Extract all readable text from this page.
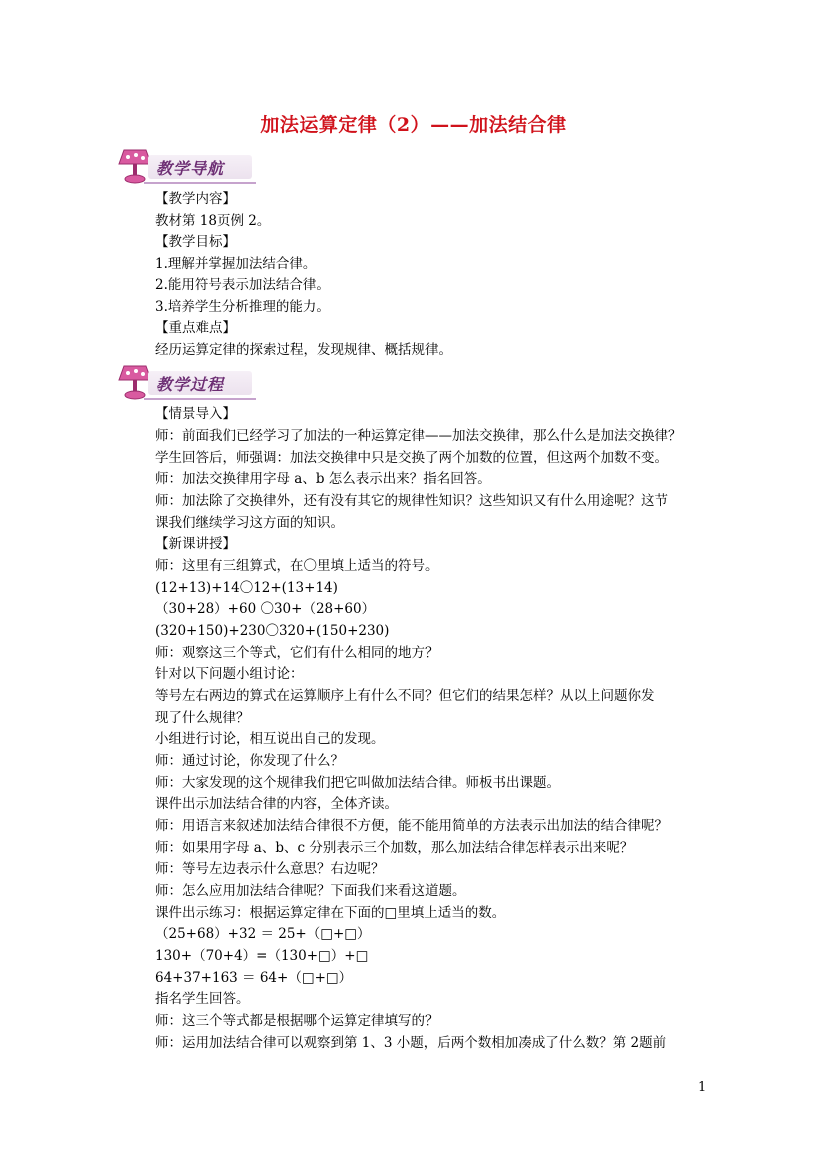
加法运算定律（2）——加法结合律
教学导航
【教学内容】
教材第 18页例 2。
【教学目标】
1.理解并掌握加法结合律。
2.能用符号表示加法结合律。
3.培养学生分析推理的能力。
【重点难点】
经历运算定律的探索过程，发现规律、概括规律。
教学过程
【情景导入】
师：前面我们已经学习了加法的一种运算定律——加法交换律，那么什么是加法交换律？
学生回答后，师强调：加法交换律中只是交换了两个加数的位置，但这两个加数不变。
师：加法交换律用字母 a、b 怎么表示出来？指名回答。
师：加法除了交换律外，还有没有其它的规律性知识？这些知识又有什么用途呢？这节
课我们继续学习这方面的知识。
【新课讲授】
师：这里有三组算式，在〇里填上适当的符号。
(12+13)+14〇12+(13+14)
（30+28）+60 〇30+（28+60）
(320+150)+230〇320+(150+230)
师：观察这三个等式，它们有什么相同的地方？
针对以下问题小组讨论：
等号左右两边的算式在运算顺序上有什么不同？但它们的结果怎样？从以上问题你发
现了什么规律？
小组进行讨论，相互说出自己的发现。
师：通过讨论，你发现了什么？
师：大家发现的这个规律我们把它叫做加法结合律。师板书出课题。
课件出示加法结合律的内容，全体齐读。
师：用语言来叙述加法结合律很不方便，能不能用简单的方法表示出加法的结合律呢？
师：如果用字母 a、b、c 分别表示三个加数，那么加法结合律怎样表示出来呢？
师：等号左边表示什么意思？右边呢？
师：怎么应用加法结合律呢？下面我们来看这道题。
课件出示练习：根据运算定律在下面的□里填上适当的数。
（25+68）+32 ＝ 25+（□+□）
130+（70+4）=（130+□）+□
64+37+163 ＝ 64+（□+□）
指名学生回答。
师：这三个等式都是根据哪个运算定律填写的？
师：运用加法结合律可以观察到第 1、3 小题，后两个数相加凑成了什么数？第 2题前
1
